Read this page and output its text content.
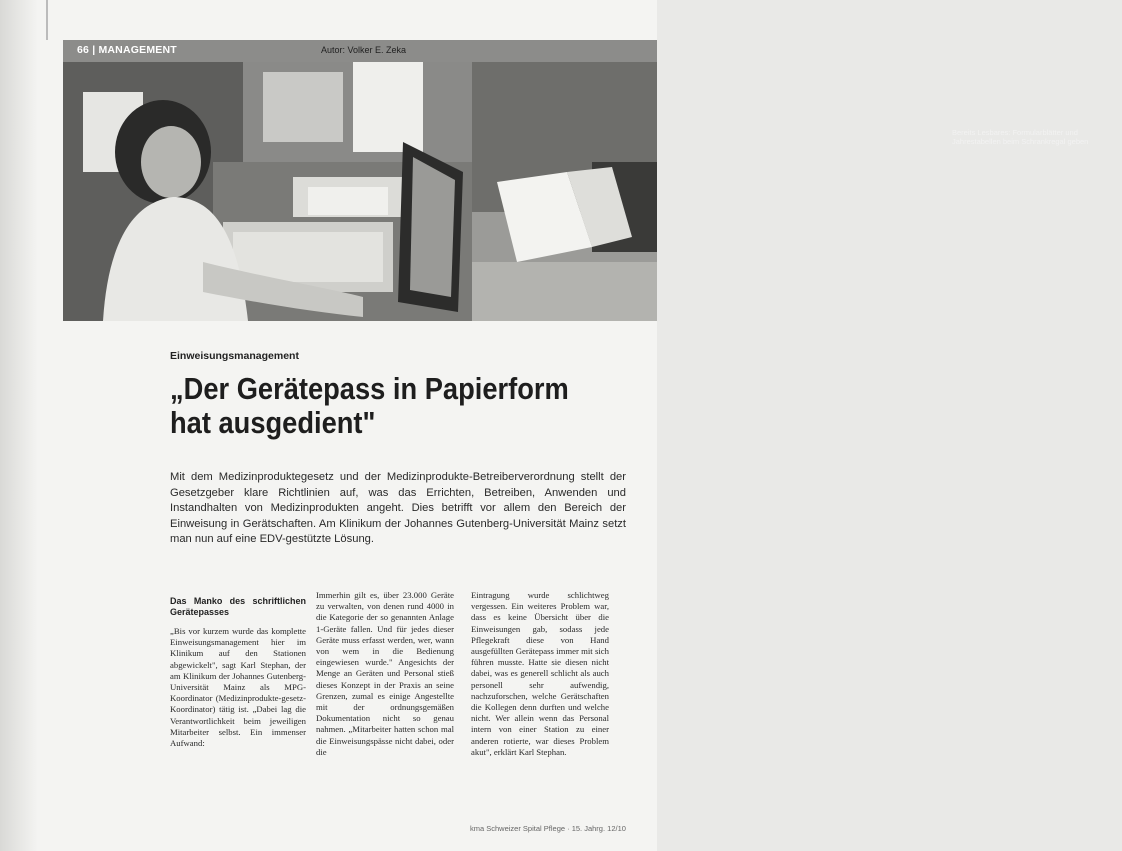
66 | MANAGEMENT	Autor: Volker E. Zeka
Bereits Lesbares: Formularblätter und Jahrestabellen beim Schrankregal geben
Einweisungsmanagement
„Der Gerätepass in Papierform
hat ausgedient"
Mit dem Medizinproduktegesetz und der Medizinprodukte-Betreiberverordnung stellt der Gesetzgeber klare Richtlinien auf, was das Errichten, Betreiben, Anwenden und Instandhalten von Medizinprodukten angeht. Dies betrifft vor allem den Bereich der Einweisung in Gerätschaften. Am Klinikum der Johannes Gutenberg-Universität Mainz setzt man nun auf eine EDV-gestützte Lösung.
Das Manko des schriftlichen Gerätepasses

„Bis vor kurzem wurde das komplette Einweisungsmanagement hier im Klinikum auf den Stationen abgewickelt", sagt Karl Stephan, der am Klinikum der Johannes Gutenberg-Universität Mainz als MPG-Koordinator (Medizinprodukte-gesetz-Koordinator) tätig ist. „Dabei lag die Verantwortlichkeit beim jeweiligen Mitarbeiter selbst. Ein immenser Aufwand:

Immerhin gilt es, über 23.000 Geräte zu verwalten, von denen rund 4000 in die Kategorie der so genannten Anlage 1-Geräte fallen. Und für jedes dieser Geräte muss erfasst werden, wer, wann von wem in die Bedienung eingewiesen wurde." Angesichts der Menge an Geräten und Personal stieß dieses Konzept in der Praxis an seine Grenzen, zumal es einige Angestellte mit der ordnungsgemäßen Dokumentation nicht so genau nahmen. „Mitarbeiter hatten schon mal die Einweisungspässe nicht dabei, oder die

Eintragung wurde schlichtweg vergessen. Ein weiteres Problem war, dass es keine Übersicht über die Einweisungen gab, sodass jede Pflegekraft diese von Hand ausgefüllten Gerätepass immer mit sich führen musste. Hatte sie diesen nicht dabei, was es generell schlicht als auch personell sehr aufwendig, nachzuforschen, welche Gerätschaften die Kollegen denn durften und welche nicht. Wer allein wenn das Personal intern von einer Station zu einer anderen rotierte, war dieses Problem akut", erklärt Karl Stephan.

kma Schweizer Spital Pflege · 15. Jahrg. 12/10
